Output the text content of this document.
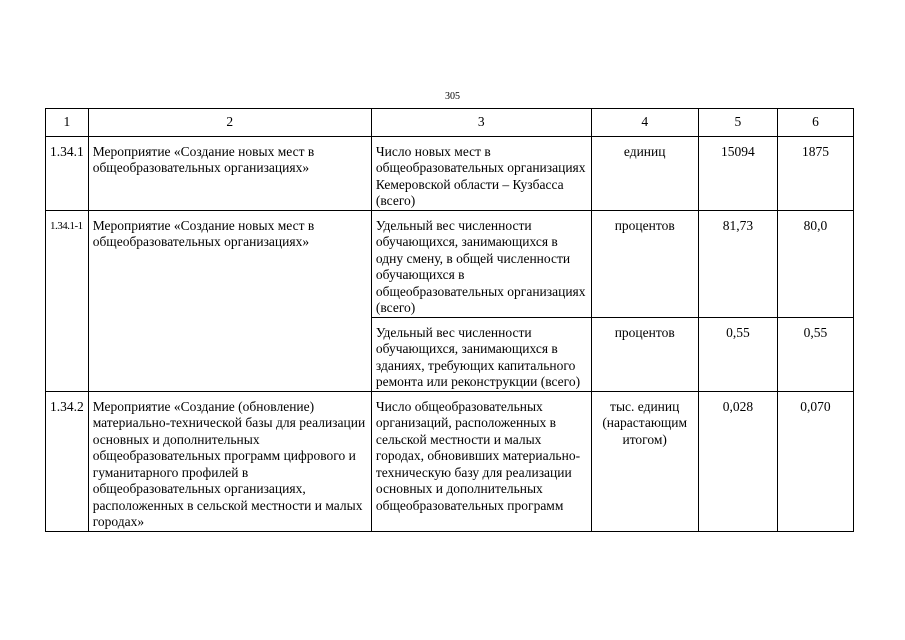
305
1	2	3	4	5	6
1.34.1	Мероприятие «Создание новых мест в общеобразовательных организациях»	Число новых мест в общеобразовательных организациях Кемеровской области – Кузбасса (всего)	единиц	15094	1875
1.34.1-1	Мероприятие «Создание новых мест в общеобразовательных организациях»	Удельный вес численности обучающихся, занимающихся в одну смену, в общей численности обучающихся в общеобразовательных организациях (всего)	процентов	81,73	80,0
		Удельный вес численности обучающихся, занимающихся в зданиях, требующих капитального ремонта или реконструкции (всего)	процентов	0,55	0,55
1.34.2	Мероприятие «Создание (обновление) материально-технической базы для реализации основных и дополнительных общеобразовательных программ цифрового и гуманитарного профилей в общеобразовательных организациях, расположенных в сельской местности и малых городах»	Число общеобразовательных организаций, расположенных в сельской местности и малых городах, обновивших материально-техническую базу для реализации основных и дополнительных общеобразовательных программ	тыс. единиц (нарастающим итогом)	0,028	0,070
